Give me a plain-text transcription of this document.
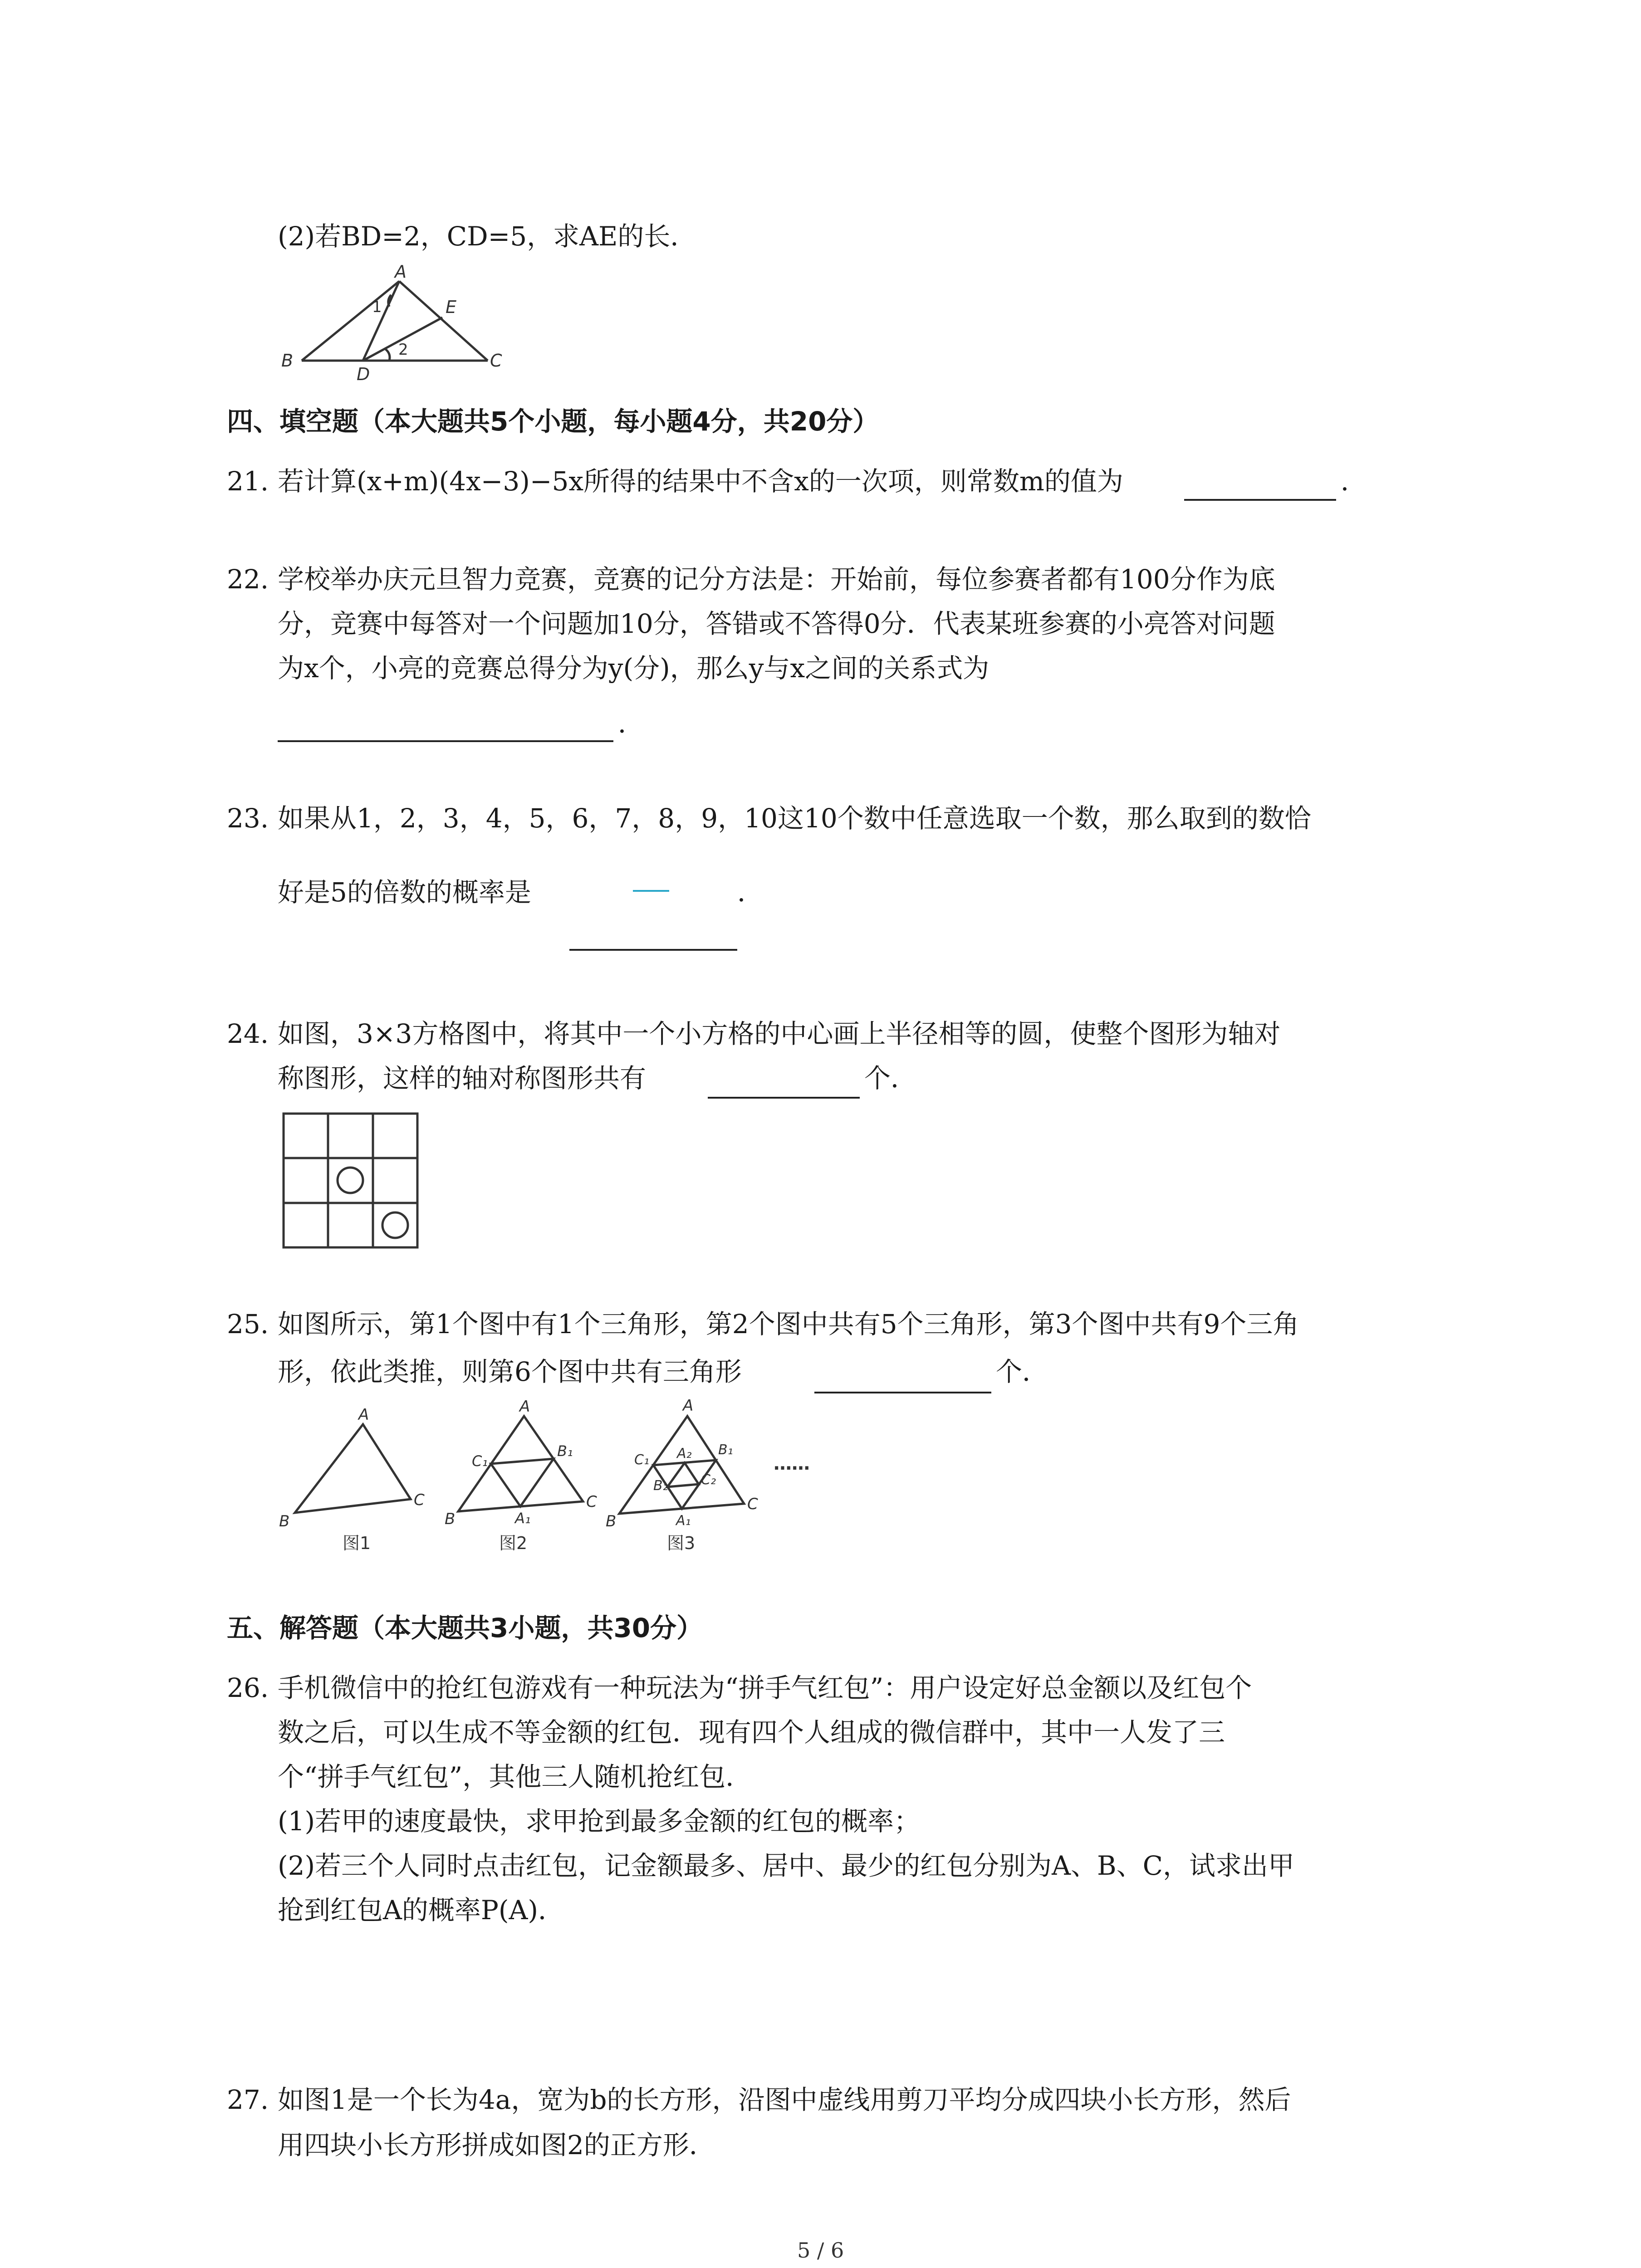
(2)若BD=2，CD=5，求AE的长．
A
B	C
D
E
1
2
四、填空题（本大题共5个小题，每小题4分，共20分）
21. 若计算(x+m)(4x−3)−5x所得的结果中不含x的一次项，则常数m的值为	．
22. 学校举办庆元旦智力竞赛，竞赛的记分方法是：开始前，每位参赛者都有100分作为底
分，竞赛中每答对一个问题加10分，答错或不答得0分．代表某班参赛的小亮答对问题
为x个，小亮的竞赛总得分为y(分)，那么y与x之间的关系式为
．
23. 如果从1，2，3，4，5，6，7，8，9，10这10个数中任意选取一个数，那么取到的数恰
好是5的倍数的概率是	．
24. 如图，3×3方格图中，将其中一个小方格的中心画上半径相等的圆，使整个图形为轴对
称图形，这样的轴对称图形共有	个．
25. 如图所示，第1个图中有1个三角形，第2个图中共有5个三角形，第3个图中共有9个三角
形，依此类推，则第6个图中共有三角形	个．
A
B
C
图1
A
B
C
C₁
B₁
A₁
图2
A
B
C
C₁
B₁
A₂
B₂ C₂
A₁
图3
……
五、解答题（本大题共3小题，共30分）
26. 手机微信中的抢红包游戏有一种玩法为“拼手气红包”：用户设定好总金额以及红包个
数之后，可以生成不等金额的红包．现有四个人组成的微信群中，其中一人发了三
个“拼手气红包”，其他三人随机抢红包．
(1)若甲的速度最快，求甲抢到最多金额的红包的概率；
(2)若三个人同时点击红包，记金额最多、居中、最少的红包分别为A、B、C，试求出甲
抢到红包A的概率P(A)．
27. 如图1是一个长为4a，宽为b的长方形，沿图中虚线用剪刀平均分成四块小长方形，然后
用四块小长方形拼成如图2的正方形．
5 / 6
